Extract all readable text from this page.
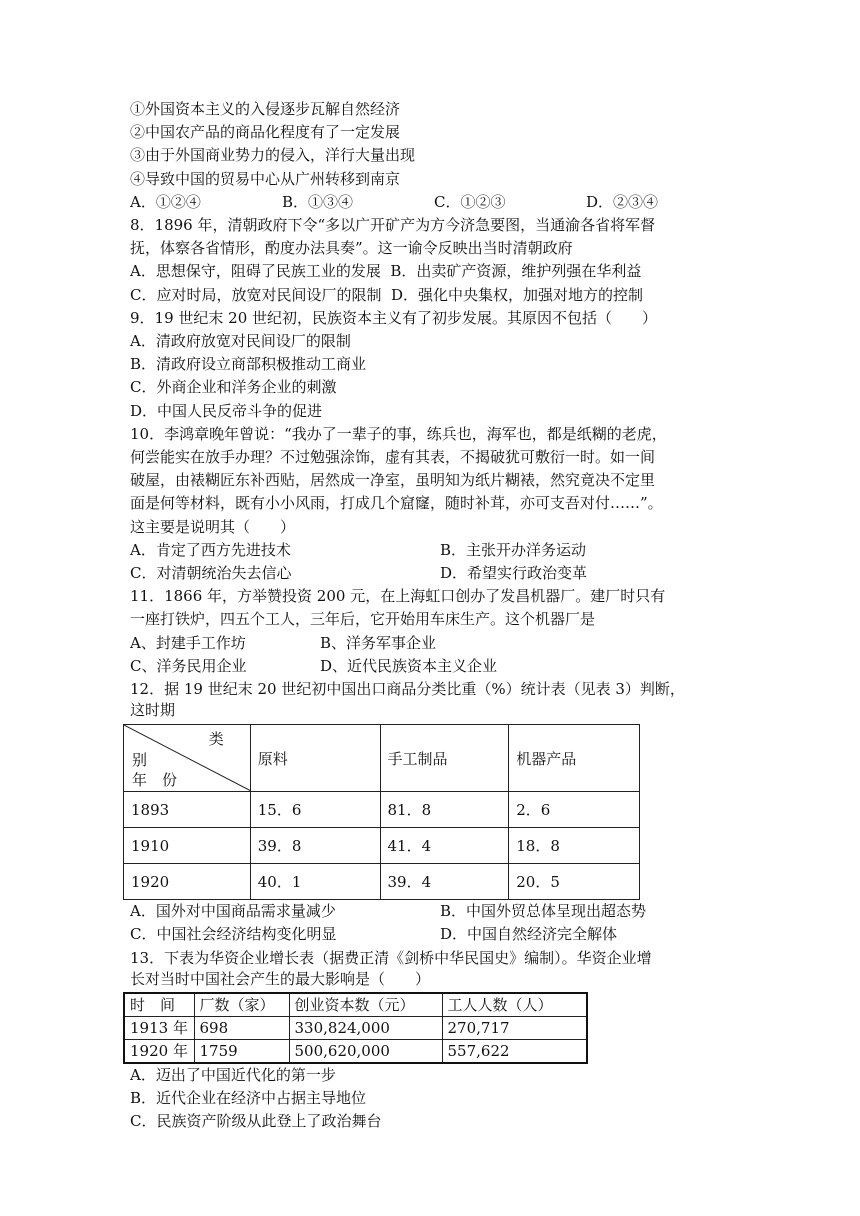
①外国资本主义的入侵逐步瓦解自然经济
②中国农产品的商品化程度有了一定发展
③由于外国商业势力的侵入，洋行大量出现
④导致中国的贸易中心从广州转移到南京
A．①②④	B．①③④	C．①②③	D．②③④
8．1896 年，清朝政府下令“多以广开矿产为方今济急要图，当通渝各省将军督
抚，体察各省情形，酌度办法具奏”。这一谕令反映出当时清朝政府
A．思想保守，阻碍了民族工业的发展 B．出卖矿产资源，维护列强在华利益
C．应对时局，放宽对民间设厂的限制 D．强化中央集权，加强对地方的控制
9．19 世纪末 20 世纪初，民族资本主义有了初步发展。其原因不包括（　　）
A．清政府放宽对民间设厂的限制
B．清政府设立商部积极推动工商业
C．外商企业和洋务企业的刺激
D．中国人民反帝斗争的促进
10．李鸿章晚年曾说：“我办了一辈子的事，练兵也，海军也，都是纸糊的老虎，
何尝能实在放手办理？不过勉强涂饰，虚有其表，不揭破犹可敷衍一时。如一间
破屋，由裱糊匠东补西贴，居然成一净室，虽明知为纸片糊裱，然究竟决不定里
面是何等材料，既有小小风雨，打成几个窟窿，随时补茸，亦可支吾对付……”。
这主要是说明其（　　）
A．肯定了西方先进技术	B．主张开办洋务运动
C．对清朝统治失去信心	D．希望实行政治变革
11．1866 年，方举赞投资 200 元，在上海虹口创办了发昌机器厂。建厂时只有
一座打铁炉，四五个工人，三年后，它开始用车床生产。这个机器厂是
A、封建手工作坊	B、洋务军事企业
C、洋务民用企业	D、近代民族资本主义企业
12．据 19 世纪末 20 世纪初中国出口商品分类比重（%）统计表（见表 3）判断，
这时期
类
别
年　份	原料	手工制品	机器产品
1893	15．6	81．8	2．6
1910	39．8	41．4	18．8
1920	40．1	39．4	20．5
A．国外对中国商品需求量减少	B．中国外贸总体呈现出超态势
C．中国社会经济结构变化明显	D．中国自然经济完全解体
13．下表为华资企业增长表（据费正清《剑桥中华民国史》编制）。华资企业增
长对当时中国社会产生的最大影响是（　　）
时　间	厂数（家）	创业资本数（元）	工人人数（人）
1913 年	698	330,824,000	270,717
1920 年	1759	500,620,000	557,622
A．迈出了中国近代化的第一步
B．近代企业在经济中占据主导地位
C．民族资产阶级从此登上了政治舞台
